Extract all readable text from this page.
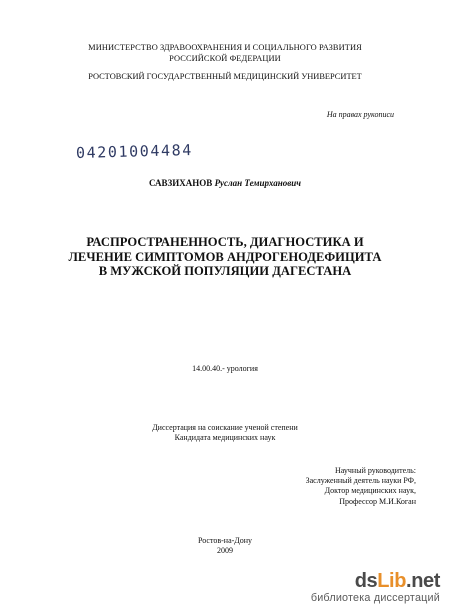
МИНИСТЕРСТВО ЗДРАВООХРАНЕНИЯ И СОЦИАЛЬНОГО РАЗВИТИЯ
РОССИЙСКОЙ ФЕДЕРАЦИИ
РОСТОВСКИЙ ГОСУДАРСТВЕННЫЙ МЕДИЦИНСКИЙ УНИВЕРСИТЕТ
На правах рукописи
04201004484
САВЗИХАНОВ Руслан Темирханович
РАСПРОСТРАНЕННОСТЬ, ДИАГНОСТИКА И
ЛЕЧЕНИЕ СИМПТОМОВ АНДРОГЕНОДЕФИЦИТА
В МУЖСКОЙ ПОПУЛЯЦИИ ДАГЕСТАНА
14.00.40.- урология
Диссертация на соискание ученой степени
Кандидата медицинских наук
Научный руководитель:
Заслуженный деятель науки РФ,
Доктор медицинских наук,
Профессор М.И.Коган
Ростов-на-Дону
2009
dsLib.net
библиотека диссертаций
